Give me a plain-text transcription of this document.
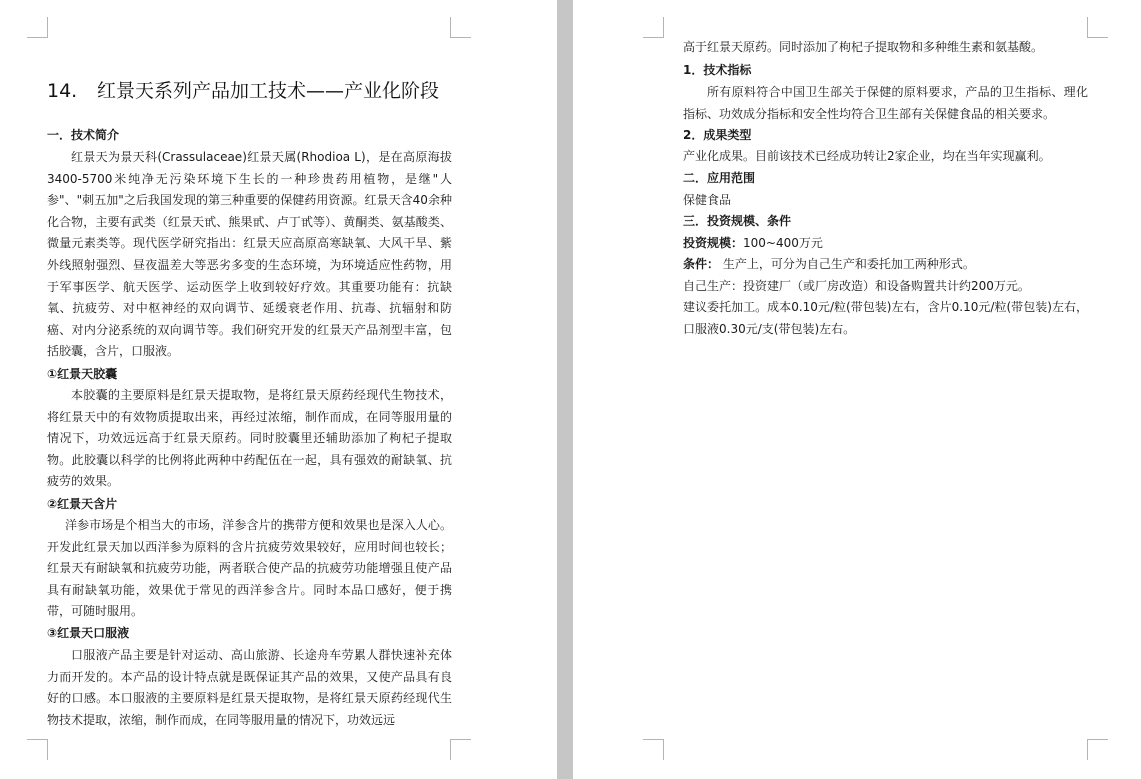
14. 红景天系列产品加工技术——产业化阶段
一．技术简介
红景天为景天科(Crassulaceae)红景天属(Rhodioa L)，是在高原海拔3400-5700米纯净无污染环境下生长的一种珍贵药用植物，是继"人参"、"刺五加"之后我国发现的第三种重要的保健药用资源。红景天含40余种化合物，主要有武类（红景天甙、熊果甙、卢丁甙等）、黄酮类、氨基酸类、微量元素类等。现代医学研究指出：红景天应高原高寒缺氧、大风干旱、紫外线照射强烈、昼夜温差大等恶劣多变的生态环境，为环境适应性药物，用于军事医学、航天医学、运动医学上收到较好疗效。其重要功能有：抗缺氧、抗疲劳、对中枢神经的双向调节、延缓衰老作用、抗毒、抗辐射和防癌、对内分泌系统的双向调节等。我们研究开发的红景天产品剂型丰富，包括胶囊，含片，口服液。
①红景天胶囊
本胶囊的主要原料是红景天提取物，是将红景天原药经现代生物技术，将红景天中的有效物质提取出来，再经过浓缩，制作而成，在同等服用量的情况下，功效远远高于红景天原药。同时胶囊里还辅助添加了枸杞子提取物。此胶囊以科学的比例将此两种中药配伍在一起，具有强效的耐缺氧、抗疲劳的效果。
②红景天含片
洋参市场是个相当大的市场，洋参含片的携带方便和效果也是深入人心。开发此红景天加以西洋参为原料的含片抗疲劳效果较好，应用时间也较长；红景天有耐缺氧和抗疲劳功能，两者联合使产品的抗疲劳功能增强且使产品具有耐缺氧功能，效果优于常见的西洋参含片。同时本品口感好，便于携带，可随时服用。
③红景天口服液
口服液产品主要是针对运动、高山旅游、长途舟车劳累人群快速补充体力而开发的。本产品的设计特点就是既保证其产品的效果，又使产品具有良好的口感。本口服液的主要原料是红景天提取物，是将红景天原药经现代生物技术提取，浓缩，制作而成，在同等服用量的情况下，功效远远
高于红景天原药。同时添加了枸杞子提取物和多种维生素和氨基酸。
1．技术指标
所有原料符合中国卫生部关于保健的原料要求，产品的卫生指标、理化指标、功效成分指标和安全性均符合卫生部有关保健食品的相关要求。
2．成果类型
产业化成果。目前该技术已经成功转让2家企业，均在当年实现赢利。
二．应用范围
保健食品
三．投资规模、条件
投资规模：100~400万元
条件： 生产上，可分为自己生产和委托加工两种形式。
自己生产：投资建厂（或厂房改造）和设备购置共计约200万元。
建议委托加工。成本0.10元/粒(带包装)左右，含片0.10元/粒(带包装)左右，口服液0.30元/支(带包装)左右。
